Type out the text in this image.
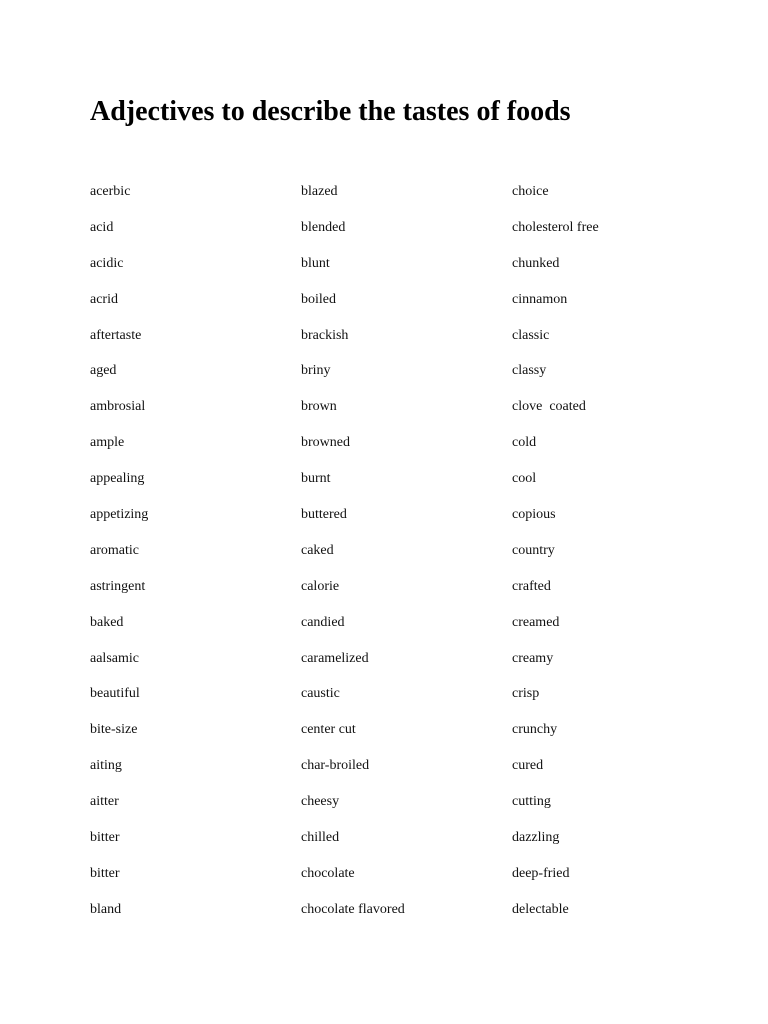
Adjectives to describe the tastes of foods
acerbic
acid
acidic
acrid
aftertaste
aged
ambrosial
ample
appealing
appetizing
aromatic
astringent
baked
aalsamic
beautiful
bite-size
aiting
aitter
bitter
bitter
bland
blazed
blended
blunt
boiled
brackish
briny
brown
browned
burnt
buttered
caked
calorie
candied
caramelized
caustic
center cut
char-broiled
cheesy
chilled
chocolate
chocolate flavored
choice
cholesterol free
chunked
cinnamon
classic
classy
clove  coated
cold
cool
copious
country
crafted
creamed
creamy
crisp
crunchy
cured
cutting
dazzling
deep-fried
delectable
